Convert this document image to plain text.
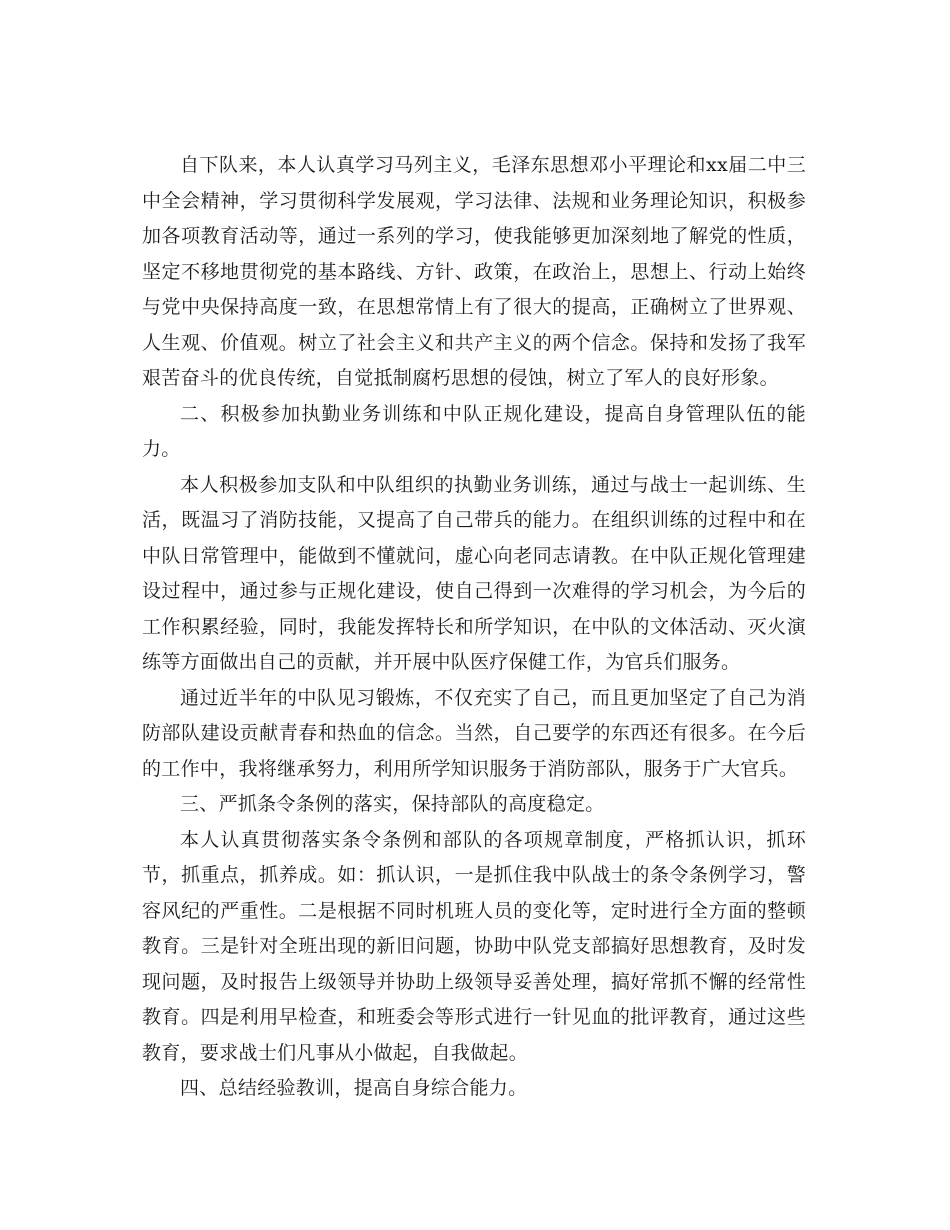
自下队来，本人认真学习马列主义，毛泽东思想邓小平理论和xx届二中三中全会精神，学习贯彻科学发展观，学习法律、法规和业务理论知识，积极参加各项教育活动等，通过一系列的学习，使我能够更加深刻地了解党的性质，坚定不移地贯彻党的基本路线、方针、政策，在政治上，思想上、行动上始终与党中央保持高度一致，在思想常情上有了很大的提高，正确树立了世界观、人生观、价值观。树立了社会主义和共产主义的两个信念。保持和发扬了我军艰苦奋斗的优良传统，自觉抵制腐朽思想的侵蚀，树立了军人的良好形象。

二、积极参加执勤业务训练和中队正规化建设，提高自身管理队伍的能力。

本人积极参加支队和中队组织的执勤业务训练，通过与战士一起训练、生活，既温习了消防技能，又提高了自己带兵的能力。在组织训练的过程中和在中队日常管理中，能做到不懂就问，虚心向老同志请教。在中队正规化管理建设过程中，通过参与正规化建设，使自己得到一次难得的学习机会，为今后的工作积累经验，同时，我能发挥特长和所学知识，在中队的文体活动、灭火演练等方面做出自己的贡献，并开展中队医疗保健工作，为官兵们服务。

通过近半年的中队见习锻炼，不仅充实了自己，而且更加坚定了自己为消防部队建设贡献青春和热血的信念。当然，自己要学的东西还有很多。在今后的工作中，我将继承努力，利用所学知识服务于消防部队，服务于广大官兵。

三、严抓条令条例的落实，保持部队的高度稳定。

本人认真贯彻落实条令条例和部队的各项规章制度，严格抓认识，抓环节，抓重点，抓养成。如：抓认识，一是抓住我中队战士的条令条例学习，警容风纪的严重性。二是根据不同时机班人员的变化等，定时进行全方面的整顿教育。三是针对全班出现的新旧问题，协助中队党支部搞好思想教育，及时发现问题，及时报告上级领导并协助上级领导妥善处理，搞好常抓不懈的经常性教育。四是利用早检查，和班委会等形式进行一针见血的批评教育，通过这些教育，要求战士们凡事从小做起，自我做起。

四、总结经验教训，提高自身综合能力。
